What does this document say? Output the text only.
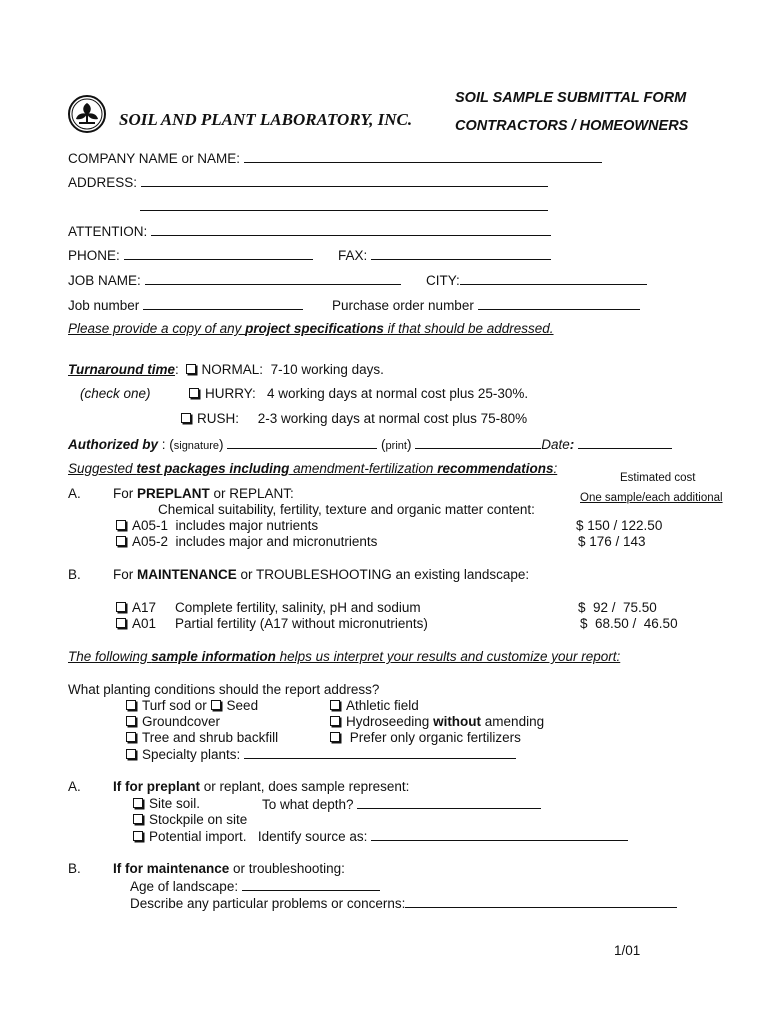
SOIL AND PLANT LABORATORY, INC.
SOIL SAMPLE SUBMITTAL FORM
CONTRACTORS / HOMEOWNERS
COMPANY NAME or NAME:
ADDRESS:
ATTENTION:
PHONE:	FAX:
JOB NAME:	CITY:
Job number	Purchase order number
Please provide a copy of any project specifications if that should be addressed.
Turnaround time: NORMAL: 7-10 working days.
(check one)	HURRY: 4 working days at normal cost plus 25-30%.
RUSH: 2-3 working days at normal cost plus 75-80%
Authorized by : (signature)	(print)	Date:
Suggested test packages including amendment-fertilization recommendations:
Estimated cost
One sample/each additional
A. For PREPLANT or REPLANT:
Chemical suitability, fertility, texture and organic matter content:
A05-1 includes major nutrients	$ 150 / 122.50
A05-2 includes major and micronutrients	$ 176 / 143
B. For MAINTENANCE or TROUBLESHOOTING an existing landscape:
A17 Complete fertility, salinity, pH and sodium	$  92 /  75.50
A01 Partial fertility (A17 without micronutrients)	$  68.50 /  46.50
The following sample information helps us interpret your results and customize your report:
What planting conditions should the report address?
Turf sod or Seed	Athletic field
Groundcover	Hydroseeding without amending
Tree and shrub backfill	Prefer only organic fertilizers
Specialty plants:
A. If for preplant or replant, does sample represent:
Site soil.	To what depth?
Stockpile on site
Potential import. Identify source as:
B. If for maintenance or troubleshooting:
Age of landscape:
Describe any particular problems or concerns:
1/01
